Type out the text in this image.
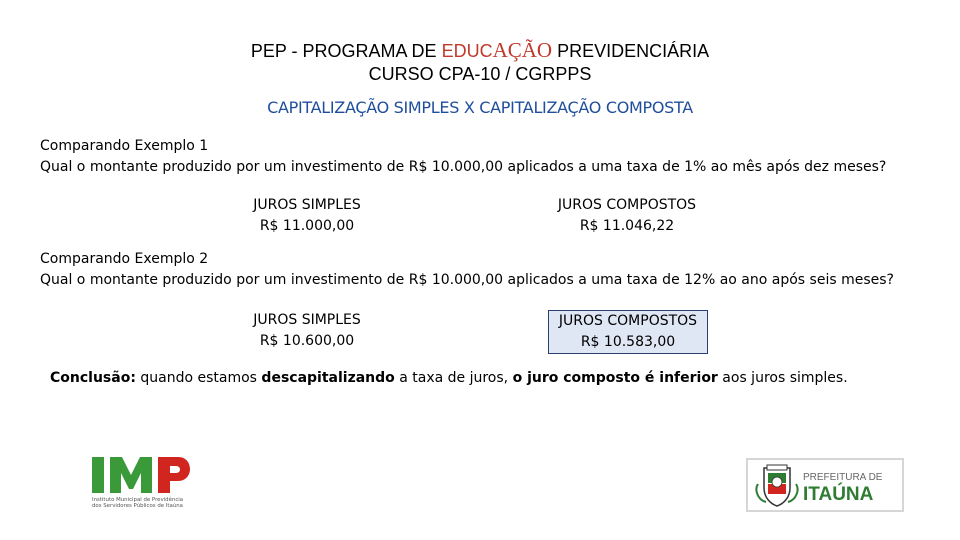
PEP - PROGRAMA DE EDUCAÇÃO PREVIDENCIÁRIA
CURSO CPA-10 / CGRPPS
CAPITALIZAÇÃO SIMPLES X CAPITALIZAÇÃO COMPOSTA
Comparando Exemplo 1
Qual o montante produzido por um investimento de R$ 10.000,00 aplicados a uma taxa de 1% ao mês após dez meses?
JUROS SIMPLES
R$ 11.000,00
JUROS COMPOSTOS
R$ 11.046,22
Comparando Exemplo 2
Qual o montante produzido por um investimento de R$ 10.000,00 aplicados a uma taxa de 12% ao ano após seis meses?
JUROS SIMPLES
R$ 10.600,00
JUROS COMPOSTOS
R$ 10.583,00
Conclusão: quando estamos descapitalizando a taxa de juros, o juro composto é inferior aos juros simples.
Instituto Municipal de Previdência
dos Servidores Públicos de Itaúna
PREFEITURA DE
ITAÚNA
